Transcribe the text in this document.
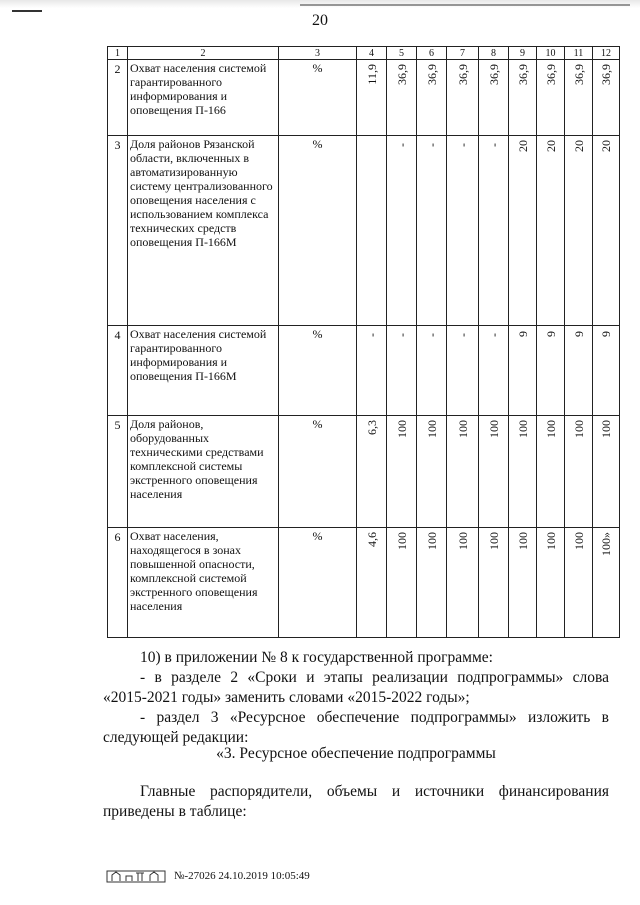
20
1	2	3	4	5	6	7	8	9	10	11	12
2	Охват населения системой гарантированного информирования и оповещения П-166	%	11,9	36,9	36,9	36,9	36,9	36,9	36,9	36,9	36,9
3	Доля районов Рязанской области, включенных в автоматизированную систему централизованного оповещения населения с использованием комплекса технических средств оповещения П-166М	%		-	-	-	-	20	20	20	20
4	Охват населения системой гарантированного информирования и оповещения П-166М	%	-	-	-	-	-	9	9	9	9
5	Доля районов, оборудованных техническими средствами комплексной системы экстренного оповещения населения	%	6,3	100	100	100	100	100	100	100	100
6	Охват населения, находящегося в зонах повышенной опасности, комплексной системой экстренного оповещения населения	%	4,6	100	100	100	100	100	100	100	100»
10) в приложении № 8 к государственной программе:
- в разделе 2 «Сроки и этапы реализации подпрограммы» слова
«2015-2021 годы» заменить словами «2015-2022 годы»;
- раздел 3 «Ресурсное обеспечение подпрограммы» изложить в
следующей редакции:
«3. Ресурсное обеспечение подпрограммы
Главные распорядители, объемы и источники финансирования
приведены в таблице:
№-27026 24.10.2019 10:05:49
